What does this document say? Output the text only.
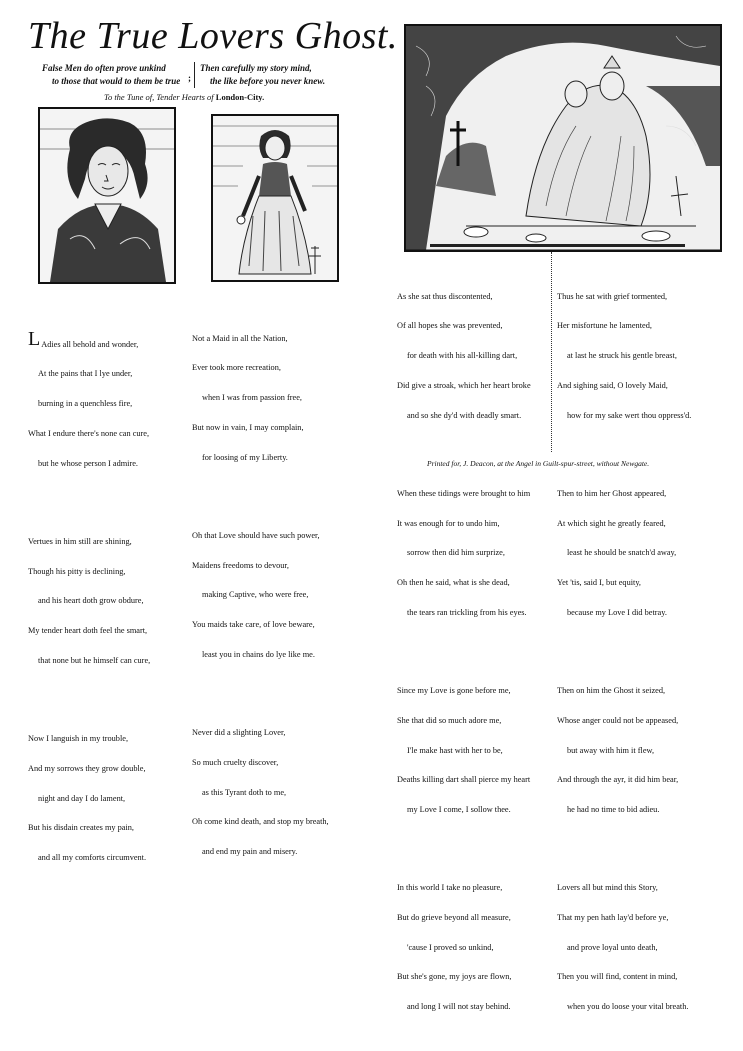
The True Lovers Ghost.
False Men do often prove unkind
to those that would to them be true ;
Then carefully my story mind,
the like before you never knew.
To the Tune of, Tender Hearts of London-City.

L Adies all behold and wonder,

At the pains that I lye under,

burning in a quenchless fire,

What I endure there's none can cure,

but he whose person I admire.

Vertues in him still are shining,

Though his pitty is declining,

and his heart doth grow obdure,

My tender heart doth feel the smart,

that none but he himself can cure,

Now I languish in my trouble,

And my sorrows they grow double,

night and day I do lament,

But his disdain creates my pain,

and all my comforts circumvent.

Not a Maid in all the Nation,

Ever took more recreation,

when I was from passion free,

But now in vain, I may complain,

for loosing of my Liberty.

Oh that Love should have such power,

Maidens freedoms to devour,

making Captive, who were free,

You maids take care, of love beware,

least you in chains do lye like me.

Never did a slighting Lover,

So much cruelty discover,

as this Tyrant doth to me,

Oh come kind death, and stop my breath,

and end my pain and misery.

As she sat thus discontented,

Of all hopes she was prevented,

for death with his all-killing dart,

Did give a stroak, which her heart broke

and so she dy'd with deadly smart.

When these tidings were brought to him

It was enough for to undo him,

sorrow then did him surprize,

Oh then he said, what is she dead,

the tears ran trickling from his eyes.

Since my Love is gone before me,

She that did so much adore me,

I'le make hast with her to be,

Deaths killing dart shall pierce my heart

my Love I come, I sollow thee.

In this world I take no pleasure,

But do grieve beyond all measure,

'cause I proved so unkind,

But she's gone, my joys are flown,

and long I will not stay behind.

Thus he sat with grief tormented,

Her misfortune he lamented,

at last he struck his gentle breast,

And sighing said, O lovely Maid,

how for my sake wert thou oppress'd.

Then to him her Ghost appeared,

At which sight he greatly feared,

least he should be snatch'd away,

Yet 'tis, said I, but equity,

because my Love I did betray.

Then on him the Ghost it seized,

Whose anger could not be appeased,

but away with him it flew,

And through the ayr, it did him bear,

he had no time to bid adieu.

Lovers all but mind this Story,

That my pen hath lay'd before ye,

and prove loyal unto death,

Then you will find, content in mind,

when you do loose your vital breath.

Printed for, J. Deacon, at the Angel in Guilt-spur-street, without Newgate.
